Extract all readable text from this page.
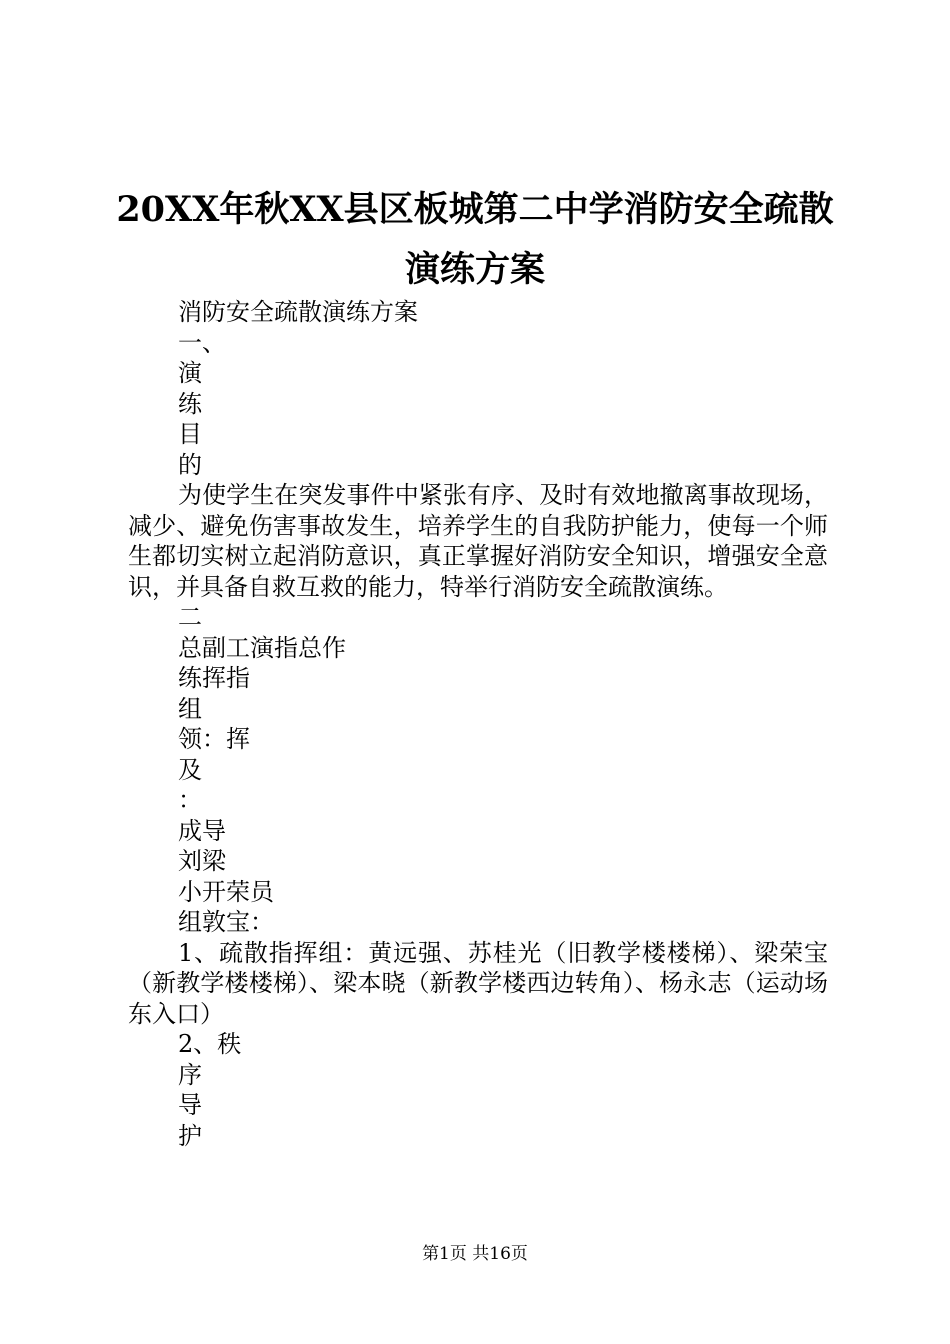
20XX年秋XX县区板城第二中学消防安全疏散
演练方案
消防安全疏散演练方案
一、
演
练
目
的
为使学生在突发事件中紧张有序、及时有效地撤离事故现场，减少、避免伤害事故发生，培养学生的自我防护能力，使每一个师生都切实树立起消防意识，真正掌握好消防安全知识，增强安全意识，并具备自救互救的能力，特举行消防安全疏散演练。
二
总副工演指总作
练挥指
组
领：挥
及
：
成导
刘梁
小开荣员
组敦宝：
1、疏散指挥组：黄远强、苏桂光（旧教学楼楼梯）、梁荣宝（新教学楼楼梯）、梁本晓（新教学楼西边转角）、杨永志（运动场东入口）
2、秩
序
导
护
第1页 共16页
